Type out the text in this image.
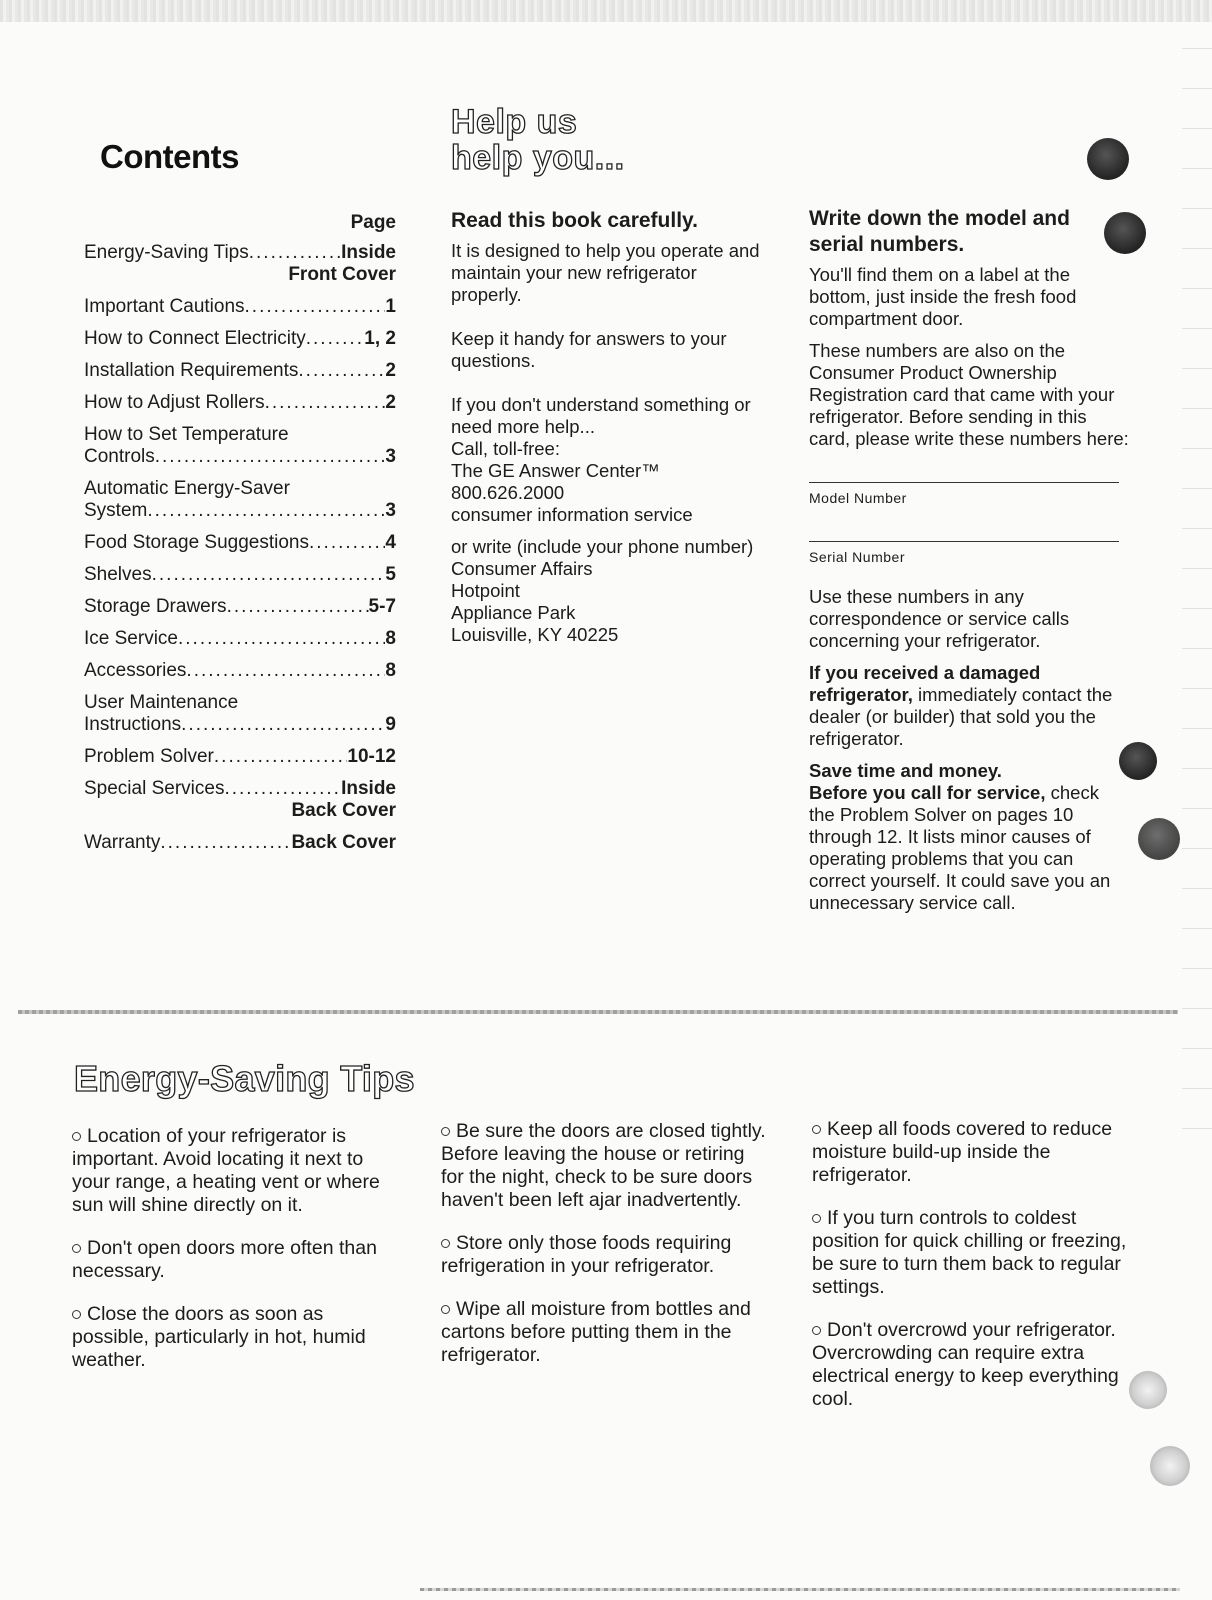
Contents
Page
Energy-Saving Tips .....	Inside
Front Cover
Important Cautions .....	1
How to Connect Electricity .....	1, 2
Installation Requirements .....	2
How to Adjust Rollers .....	2
How to Set Temperature
Controls .....	3
Automatic Energy-Saver
System .....	3
Food Storage Suggestions .....	4
Shelves .....	5
Storage Drawers .....	5-7
Ice Service .....	8
Accessories .....	8
User Maintenance
Instructions .....	9
Problem Solver .....	10-12
Special Services .....	Inside
Back Cover
Warranty .....	Back Cover
Help us
help you...

Read this book carefully.

It is designed to help you operate and maintain your new refrigerator properly.

Keep it handy for answers to your questions.

If you don't understand something or need more help...
Call, toll-free:
The GE Answer Center™
800.626.2000
consumer information service

or write (include your phone number)
Consumer Affairs
Hotpoint
Appliance Park
Louisville, KY 40225

Write down the model and serial numbers.

You'll find them on a label at the bottom, just inside the fresh food compartment door.

These numbers are also on the Consumer Product Ownership Registration card that came with your refrigerator. Before sending in this card, please write these numbers here:

Model Number
Serial Number

Use these numbers in any correspondence or service calls concerning your refrigerator.

If you received a damaged refrigerator, immediately contact the dealer (or builder) that sold you the refrigerator.

Save time and money.
Before you call for service, check the Problem Solver on pages 10 through 12. It lists minor causes of operating problems that you can correct yourself. It could save you an unnecessary service call.

Energy-Saving Tips

Location of your refrigerator is important. Avoid locating it next to your range, a heating vent or where sun will shine directly on it.

Don't open doors more often than necessary.

Close the doors as soon as possible, particularly in hot, humid weather.

Be sure the doors are closed tightly. Before leaving the house or retiring for the night, check to be sure doors haven't been left ajar inadvertently.

Store only those foods requiring refrigeration in your refrigerator.

Wipe all moisture from bottles and cartons before putting them in the refrigerator.

Keep all foods covered to reduce moisture build-up inside the refrigerator.

If you turn controls to coldest position for quick chilling or freezing, be sure to turn them back to regular settings.

Don't overcrowd your refrigerator. Overcrowding can require extra electrical energy to keep everything cool.
